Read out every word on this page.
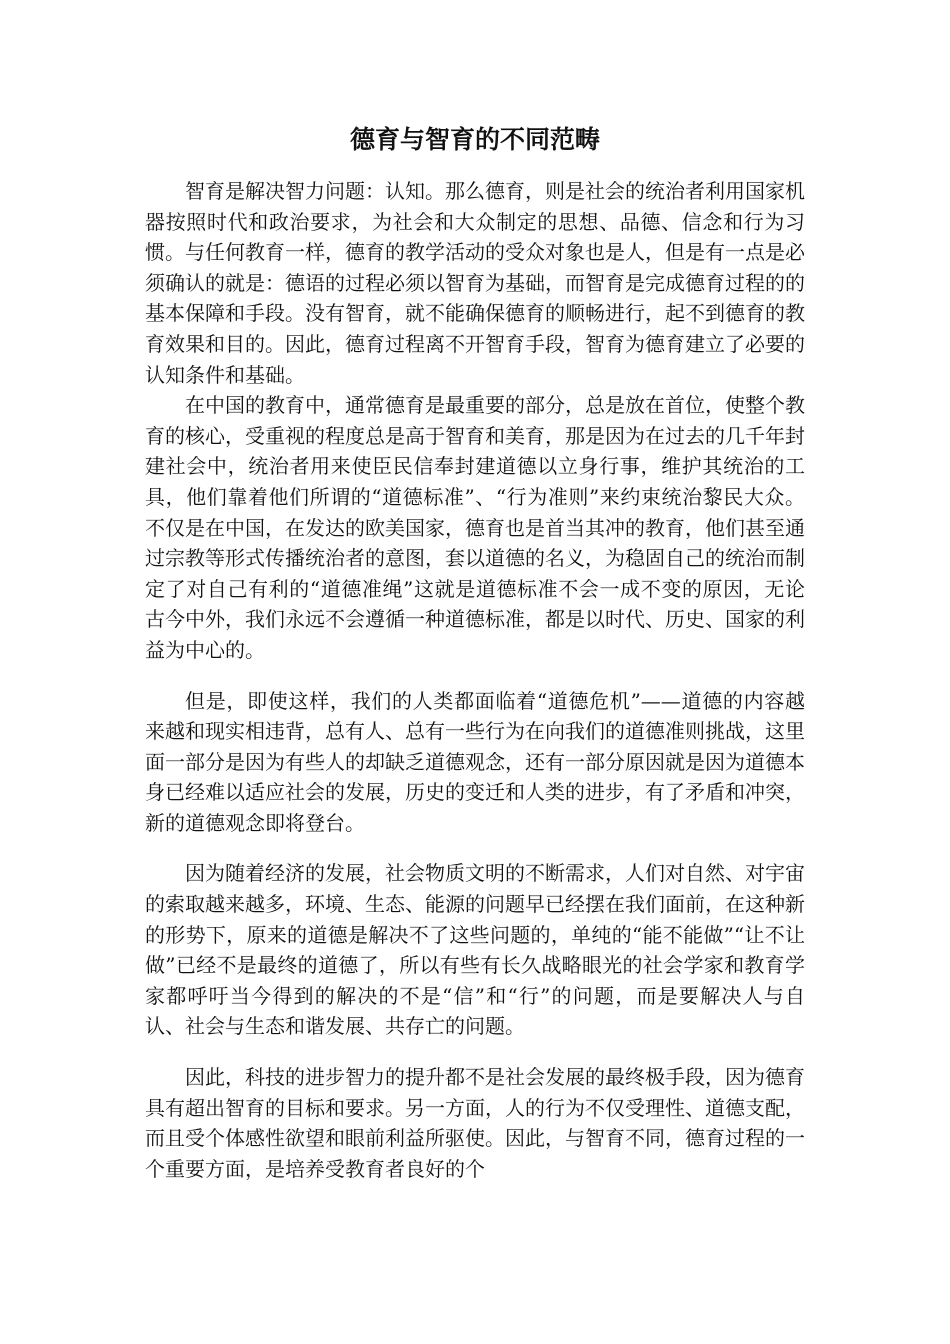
德育与智育的不同范畴

智育是解决智力问题：认知。那么德育，则是社会的统治者利用国家机器按照时代和政治要求，为社会和大众制定的思想、品德、信念和行为习惯。与任何教育一样，德育的教学活动的受众对象也是人，但是有一点是必须确认的就是：德语的过程必须以智育为基础，而智育是完成德育过程的的基本保障和手段。没有智育，就不能确保德育的顺畅进行，起不到德育的教育效果和目的。因此，德育过程离不开智育手段，智育为德育建立了必要的认知条件和基础。

在中国的教育中，通常德育是最重要的部分，总是放在首位，使整个教育的核心，受重视的程度总是高于智育和美育，那是因为在过去的几千年封建社会中，统治者用来使臣民信奉封建道德以立身行事，维护其统治的工具，他们靠着他们所谓的“道德标准”、“行为准则”来约束统治黎民大众。不仅是在中国，在发达的欧美国家，德育也是首当其冲的教育，他们甚至通过宗教等形式传播统治者的意图，套以道德的名义，为稳固自己的统治而制定了对自己有利的“道德准绳”这就是道德标准不会一成不变的原因，无论古今中外，我们永远不会遵循一种道德标准，都是以时代、历史、国家的利益为中心的。

但是，即使这样，我们的人类都面临着“道德危机”——道德的内容越来越和现实相违背，总有人、总有一些行为在向我们的道德准则挑战，这里面一部分是因为有些人的却缺乏道德观念，还有一部分原因就是因为道德本身已经难以适应社会的发展，历史的变迁和人类的进步，有了矛盾和冲突，新的道德观念即将登台。

因为随着经济的发展，社会物质文明的不断需求，人们对自然、对宇宙的索取越来越多，环境、生态、能源的问题早已经摆在我们面前，在这种新的形势下，原来的道德是解决不了这些问题的，单纯的“能不能做”“让不让做”已经不是最终的道德了，所以有些有长久战略眼光的社会学家和教育学家都呼吁当今得到的解决的不是“信”和“行”的问题，而是要解决人与自认、社会与生态和谐发展、共存亡的问题。

因此，科技的进步智力的提升都不是社会发展的最终极手段，因为德育具有超出智育的目标和要求。另一方面，人的行为不仅受理性、道德支配，而且受个体感性欲望和眼前利益所驱使。因此，与智育不同，德育过程的一个重要方面，是培养受教育者良好的个
